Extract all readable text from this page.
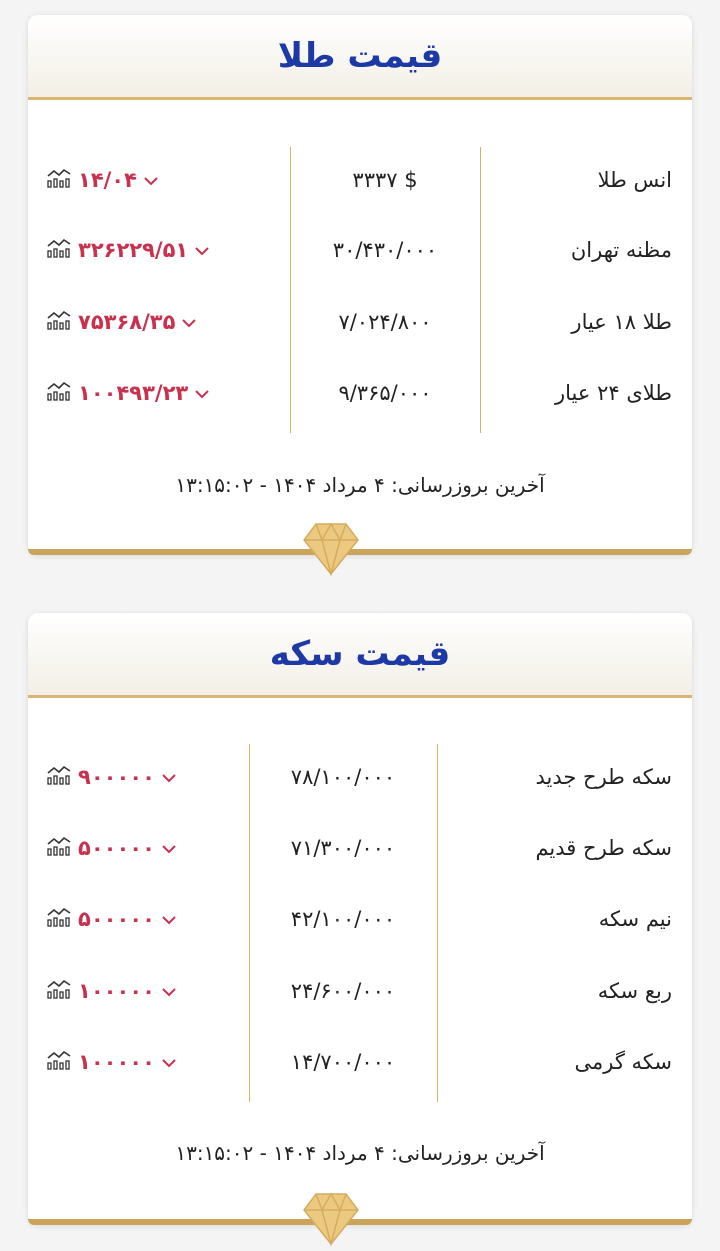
قیمت طلا
آخرین بروزرسانی: ۴ مرداد ۱۴۰۴ - ۱۳:۱۵:۰۲
۱۴/۰۴	۳۳۳۷ $	انس طلا
۳۲۶۲۲۹/۵۱	۳۰/۴۳۰/۰۰۰	مظنه تهران
۷۵۳۶۸/۳۵	۷/۰۲۴/۸۰۰	طلا ۱۸ عیار
۱۰۰۴۹۳/۲۳	۹/۳۶۵/۰۰۰	طلای ۲۴ عیار
قیمت سکه
آخرین بروزرسانی: ۴ مرداد ۱۴۰۴ - ۱۳:۱۵:۰۲
۹۰۰۰۰۰	۷۸/۱۰۰/۰۰۰	سکه طرح جدید
۵۰۰۰۰۰	۷۱/۳۰۰/۰۰۰	سکه طرح قدیم
۵۰۰۰۰۰	۴۲/۱۰۰/۰۰۰	نیم سکه
۱۰۰۰۰۰	۲۴/۶۰۰/۰۰۰	ربع سکه
۱۰۰۰۰۰	۱۴/۷۰۰/۰۰۰	سکه گرمی
